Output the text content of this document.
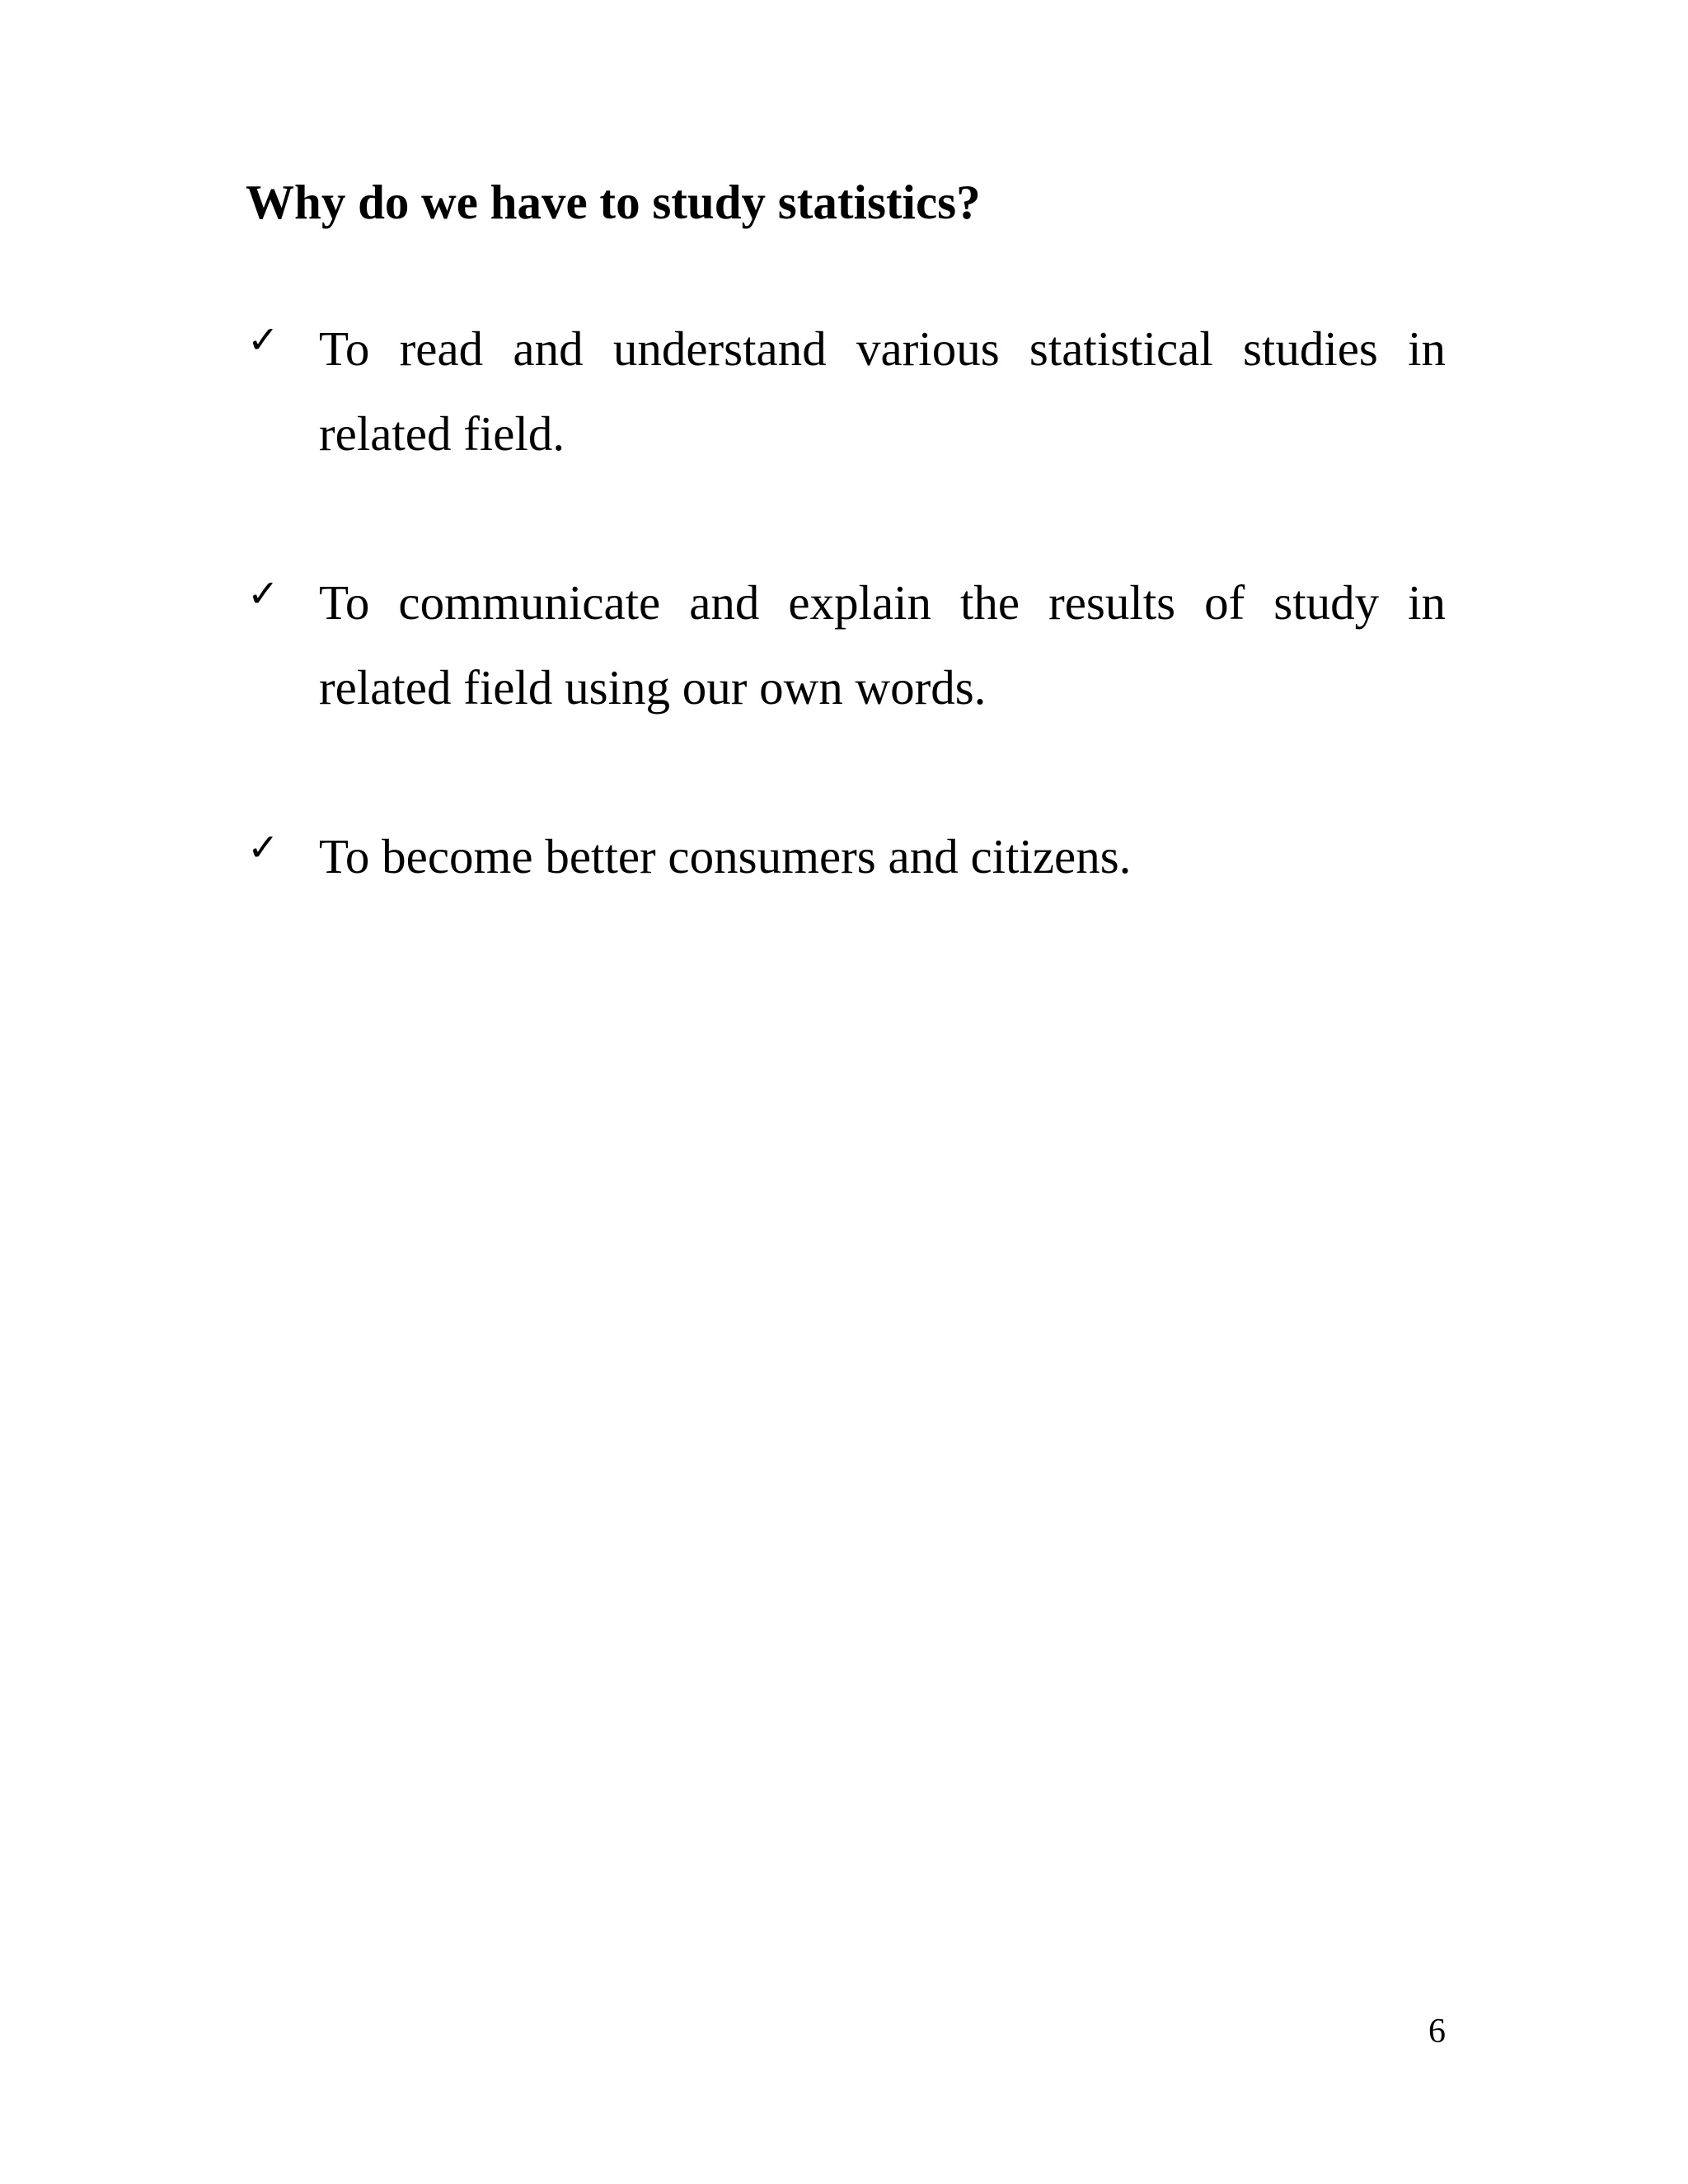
Why do we have to study statistics?
✓ To read and understand various statistical studies in related field.
✓ To communicate and explain the results of study in related field using our own words.
✓ To become better consumers and citizens.
6
